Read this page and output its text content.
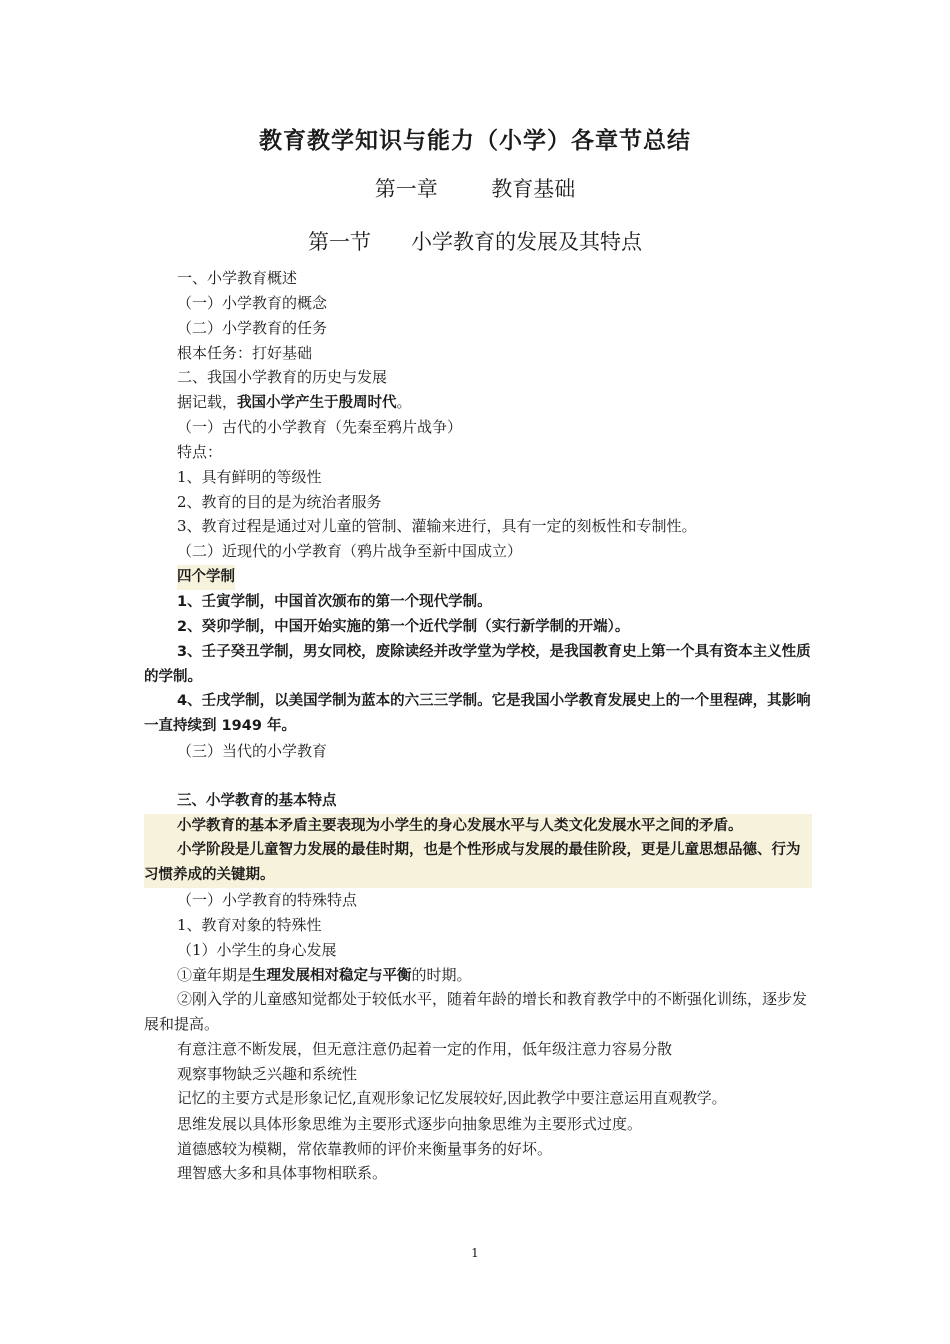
教育教学知识与能力（小学）各章节总结
第一章        教育基础
第一节      小学教育的发展及其特点
一、小学教育概述
（一）小学教育的概念
（二）小学教育的任务
根本任务：打好基础
二、我国小学教育的历史与发展
据记载，我国小学产生于殷周时代。
（一）古代的小学教育（先秦至鸦片战争）
特点：
1、具有鲜明的等级性
2、教育的目的是为统治者服务
3、教育过程是通过对儿童的管制、灌输来进行，具有一定的刻板性和专制性。
（二）近现代的小学教育（鸦片战争至新中国成立）
四个学制
1、壬寅学制，中国首次颁布的第一个现代学制。
2、癸卯学制，中国开始实施的第一个近代学制（实行新学制的开端）。
3、壬子癸丑学制，男女同校，废除读经并改学堂为学校，是我国教育史上第一个具有资本主义性质的学制。
4、壬戌学制，以美国学制为蓝本的六三三学制。它是我国小学教育发展史上的一个里程碑，其影响一直持续到 1949 年。
（三）当代的小学教育
三、小学教育的基本特点
小学教育的基本矛盾主要表现为小学生的身心发展水平与人类文化发展水平之间的矛盾。
小学阶段是儿童智力发展的最佳时期，也是个性形成与发展的最佳阶段，更是儿童思想品德、行为习惯养成的关键期。
（一）小学教育的特殊特点
1、教育对象的特殊性
（1）小学生的身心发展
①童年期是生理发展相对稳定与平衡的时期。
②刚入学的儿童感知觉都处于较低水平，随着年龄的增长和教育教学中的不断强化训练，逐步发展和提高。
有意注意不断发展，但无意注意仍起着一定的作用，低年级注意力容易分散
观察事物缺乏兴趣和系统性
记忆的主要方式是形象记忆,直观形象记忆发展较好,因此教学中要注意运用直观教学。
思维发展以具体形象思维为主要形式逐步向抽象思维为主要形式过度。
道德感较为模糊，常依靠教师的评价来衡量事务的好坏。
理智感大多和具体事物相联系。
1
